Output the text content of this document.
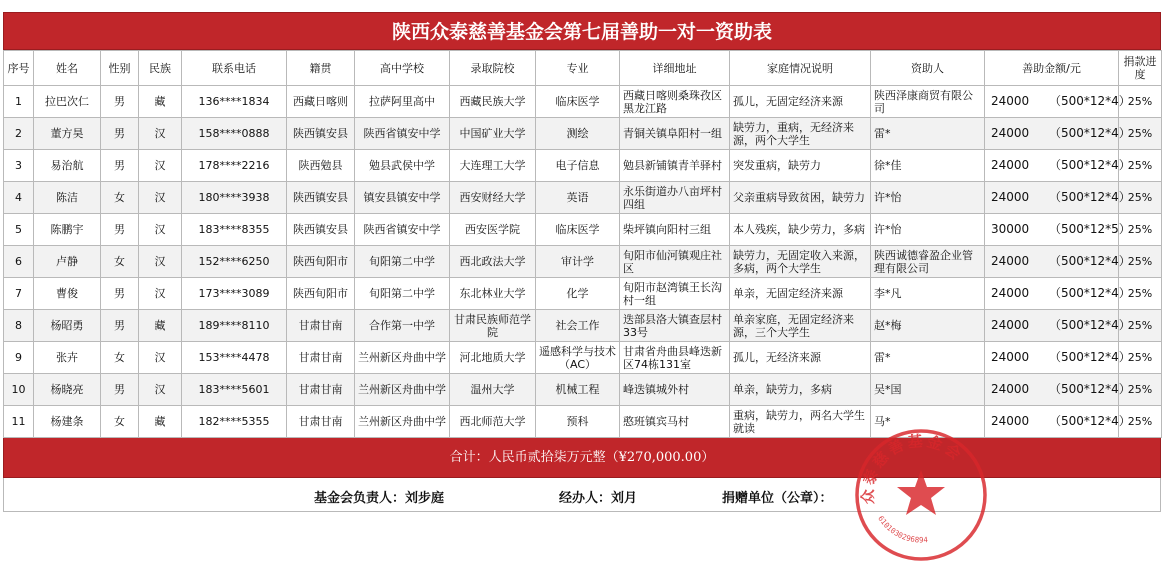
陕西众泰慈善基金会第七届善助一对一资助表
序号	姓名	性别	民族	联系电话	籍贯	高中学校	录取院校	专业	详细地址	家庭情况说明	资助人	善助金额/元	捐款进度
1	拉巴次仁	男	藏	136****1834	西藏日喀则	拉萨阿里高中	西藏民族大学	临床医学	西藏日喀则桑珠孜区黑龙江路	孤儿，无固定经济来源	陕西泽康商贸有限公司	24000 （500*12*4）	25%
2	董方昊	男	汉	158****0888	陕西镇安县	陕西省镇安中学	中国矿业大学	测绘	青铜关镇阜阳村一组	缺劳力，重病，无经济来源，两个大学生	雷*	24000 （500*12*4）	25%
3	易治航	男	汉	178****2216	陕西勉县	勉县武侯中学	大连理工大学	电子信息	勉县新铺镇青羊驿村	突发重病，缺劳力	徐*佳	24000 （500*12*4）	25%
4	陈洁	女	汉	180****3938	陕西镇安县	镇安县镇安中学	西安财经大学	英语	永乐街道办八亩坪村四组	父亲重病导致贫困，缺劳力	许*怡	24000 （500*12*4）	25%
5	陈鹏宇	男	汉	183****8355	陕西镇安县	陕西省镇安中学	西安医学院	临床医学	柴坪镇向阳村三组	本人残疾，缺少劳力，多病	许*怡	30000 （500*12*5）	25%
6	卢静	女	汉	152****6250	陕西旬阳市	旬阳第二中学	西北政法大学	审计学	旬阳市仙河镇观庄社区	缺劳力，无固定收入来源，多病，两个大学生	陕西诚德睿盈企业管理有限公司	24000 （500*12*4）	25%
7	曹俊	男	汉	173****3089	陕西旬阳市	旬阳第二中学	东北林业大学	化学	旬阳市赵湾镇王长沟村一组	单亲，无固定经济来源	李*凡	24000 （500*12*4）	25%
8	杨昭勇	男	藏	189****8110	甘肃甘南	合作第一中学	甘肃民族师范学院	社会工作	迭部县洛大镇查层村33号	单亲家庭，无固定经济来源，三个大学生	赵*梅	24000 （500*12*4）	25%
9	张卉	女	汉	153****4478	甘肃甘南	兰州新区舟曲中学	河北地质大学	遥感科学与技术（AC）	甘肃省舟曲县峰迭新区74栋131室	孤儿，无经济来源	雷*	24000 （500*12*4）	25%
10	杨晓亮	男	汉	183****5601	甘肃甘南	兰州新区舟曲中学	温州大学	机械工程	峰迭镇城外村	单亲，缺劳力，多病	吴*国	24000 （500*12*4）	25%
11	杨建条	女	藏	182****5355	甘肃甘南	兰州新区舟曲中学	西北师范大学	预科	憨班镇宾马村	重病，缺劳力，两名大学生就读	马*	24000 （500*12*4）	25%
合计：人民币贰拾柒万元整（¥270,000.00）
基金会负责人：刘步庭	经办人：刘月	捐赠单位（公章）： 众泰慈善基金会
6101030296894
